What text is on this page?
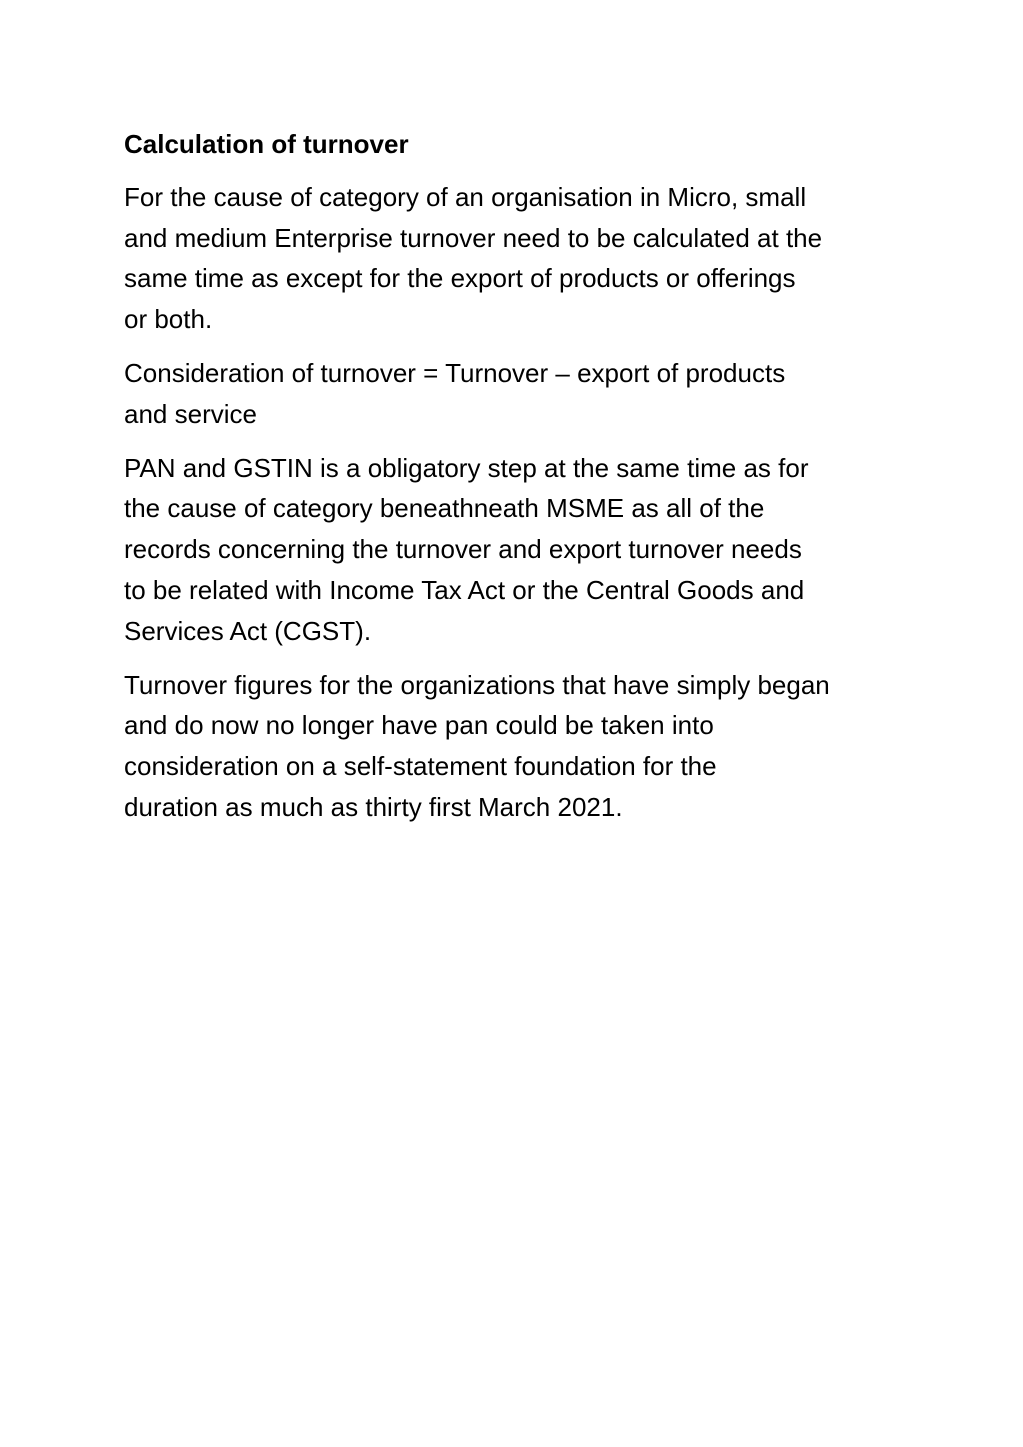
Calculation of turnover

For the cause of category of an organisation in Micro, small
and medium Enterprise turnover need to be calculated at the
same time as except for the export of products or offerings
or both.

Consideration of turnover = Turnover – export of products
and service

PAN and GSTIN is a obligatory step at the same time as for
the cause of category beneathneath MSME as all of the
records concerning the turnover and export turnover needs
to be related with Income Tax Act or the Central Goods and
Services Act (CGST).

Turnover figures for the organizations that have simply began
and do now no longer have pan could be taken into
consideration on a self-statement foundation for the
duration as much as thirty first March 2021.
